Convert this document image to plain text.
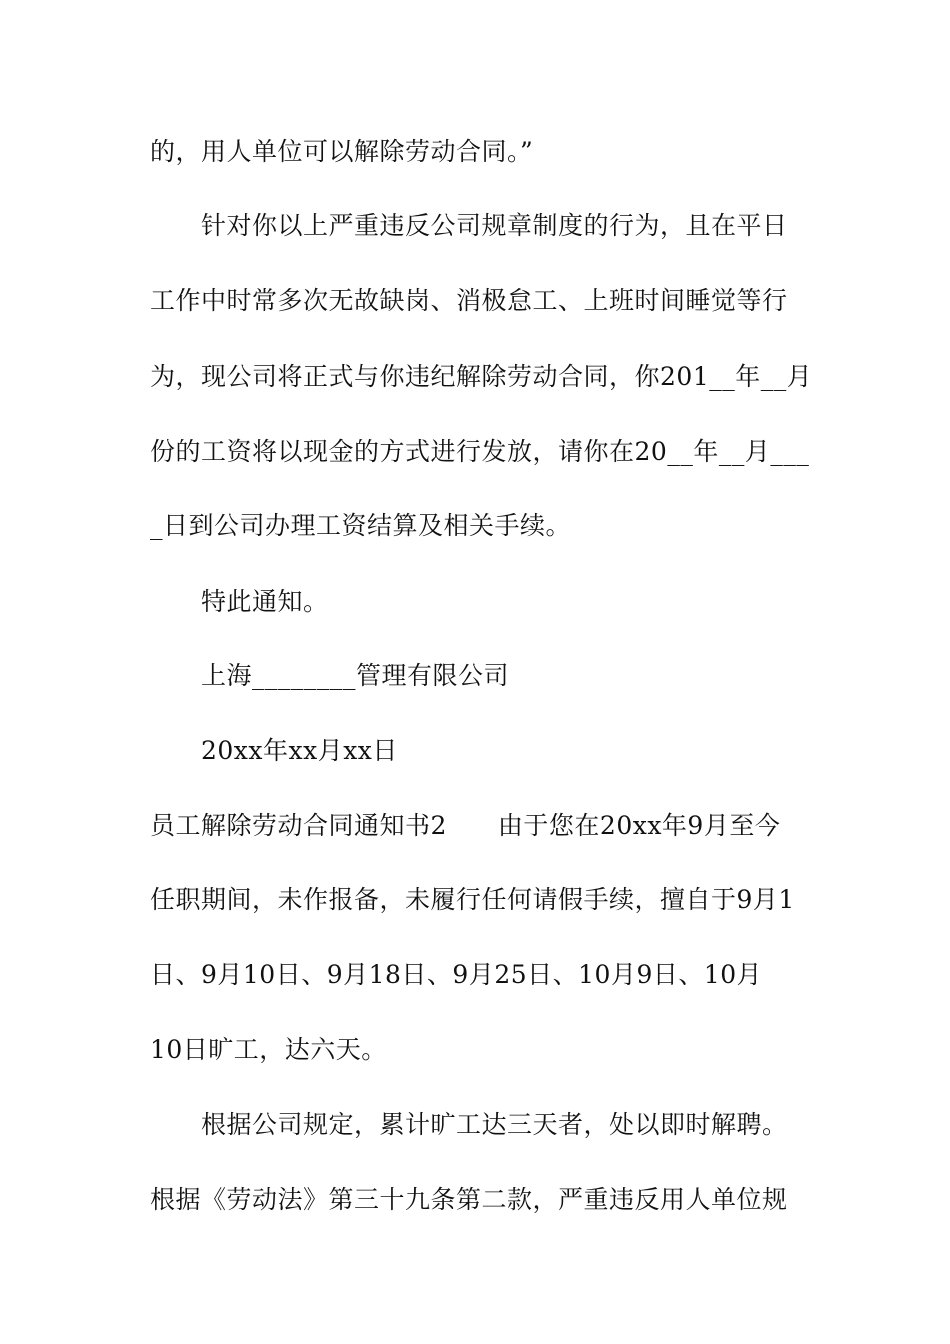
的，用人单位可以解除劳动合同。”
针对你以上严重违反公司规章制度的行为，且在平日
工作中时常多次无故缺岗、消极怠工、上班时间睡觉等行
为，现公司将正式与你违纪解除劳动合同，你201__年__月
份的工资将以现金的方式进行发放，请你在20__年__月___
_日到公司办理工资结算及相关手续。
特此通知。
上海________管理有限公司
20xx年xx月xx日
员工解除劳动合同通知书2　　由于您在20xx年9月至今
任职期间，未作报备，未履行任何请假手续，擅自于9月1
日、9月10日、9月18日、9月25日、10月9日、10月
10日旷工，达六天。
根据公司规定，累计旷工达三天者，处以即时解聘。
根据《劳动法》第三十九条第二款，严重违反用人单位规
